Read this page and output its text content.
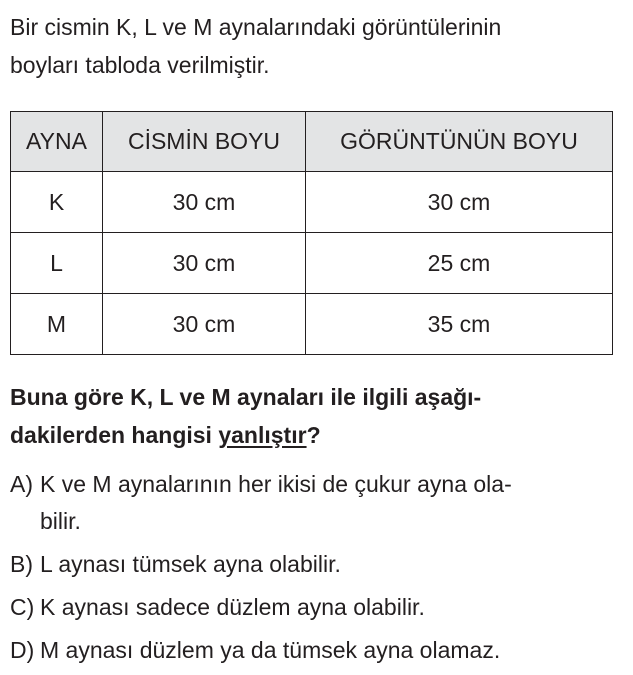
Bir cismin K, L ve M aynalarındaki görüntülerinin
boyları tabloda verilmiştir.

AYNA	CİSMİN BOYU	GÖRÜNTÜNÜN BOYU
K	30 cm	30 cm
L	30 cm	25 cm
M	30 cm	35 cm

Buna göre K, L ve M aynaları ile ilgili aşağı-
dakilerden hangisi yanlıştır?

A) K ve M aynalarının her ikisi de çukur ayna ola-
bilir.
B) L aynası tümsek ayna olabilir.
C) K aynası sadece düzlem ayna olabilir.
D) M aynası düzlem ya da tümsek ayna olamaz.
